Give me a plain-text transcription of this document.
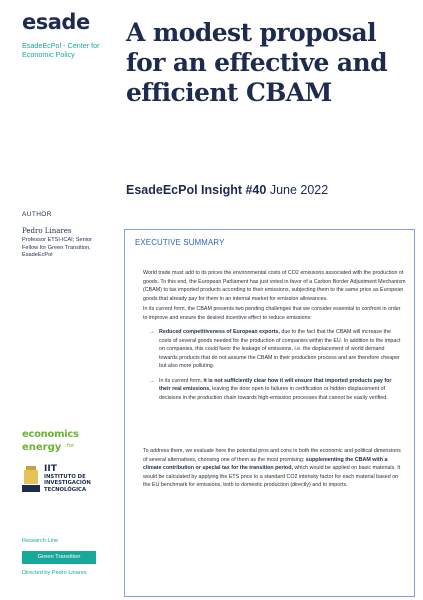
esade
EsadeEcPol - Center for Economic Policy
AUTHOR
Pedro Linares
Professor ETSI-ICAI; Senior Fellow for Green Transition, EsadeEcPol
economics
energy for
IIT
INSTITUTO DE
INVESTIGACIÓN
TECNOLÓGICA
Research Line
Green Transition
Directed by Pedro Linares
A modest proposal for an effective and efficient CBAM
EsadeEcPol Insight #40 June 2022
EXECUTIVE SUMMARY

World trade must add to its prices the environmental costs of CO2 emissions associated with the production of goods. To this end, the European Parliament has just voted in favor of a Carbon Border Adjustment Mechanism (CBAM) to tax imported products according to their emissions, subjecting them to the same price as European goods that already pay for them in an internal market for emission allowances.

In its current form, the CBAM presents two pending challenges that we consider essential to confront in order to improve and ensure the desired incentive effect to reduce emissions:

→ Reduced competitiveness of European exports, due to the fact that the CBAM will increase the costs of several goods needed for the production of companies within the EU. In addition to the impact on companies, this could favor the leakage of emissions, i.e. the displacement of world demand towards products that do not assume the CBAM in their production process and are therefore cheaper but also more polluting.
→ In its current form, it is not sufficiently clear how it will ensure that imported products pay for their real emissions, leaving the door open to failures in certification or hidden displacement of decisions in the production chain towards high-emission processes that cannot be easily verified.

To address them, we evaluate here the potential pros and cons in both the economic and political dimensions of several alternatives, choosing one of them as the most promising: supplementing the CBAM with a climate contribution or special tax for the transition period, which would be applied on basic materials. It would be calculated by applying the ETS price to a standard CO2 intensity factor for each material based on the EU benchmark for emissions, both to domestic production (directly) and to imports.
